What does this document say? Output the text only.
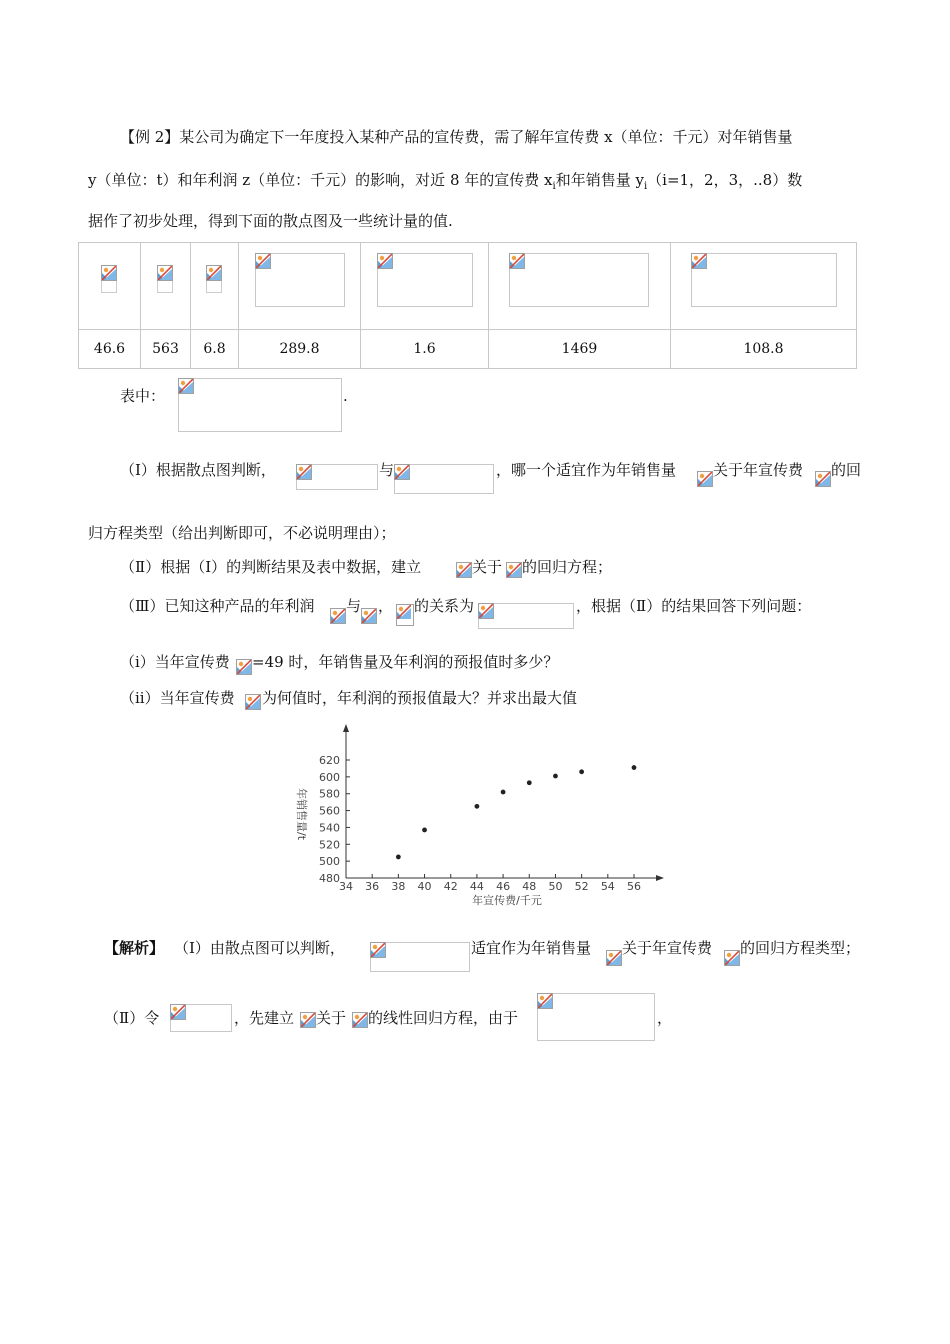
【例 2】某公司为确定下一年度投入某种产品的宣传费，需了解年宣传费 x（单位：千元）对年销售量
y（单位：t）和年利润 z（单位：千元）的影响，对近 8 年的宣传费 $x_i$和年销售量 $y_i(i=1$，2，3，..8）数
据作了初步处理，得到下面的散点图及一些统计量的值.

46.6	563	6.8	289.8	1.6	1469	108.8
表中：	.
（Ⅰ）根据散点图判断，	与	，哪一个适宜作为年销售量 关于年宣传费 的回
归方程类型（给出判断即可，不必说明理由）；
（Ⅱ）根据（Ⅰ）的判断结果及表中数据，建立	关于 的回归方程；
（Ⅲ）已知这种产品的年利润 与 ， 的关系为	，根据（Ⅱ）的结果回答下列问题：
（i）当年宣传费 =49 时，年销售量及年利润的预报值时多少？
（ii）当年宣传费 为何值时，年利润的预报值最大？并求出最大值
34 36 38 40 42 44 46 48 50 52 54 56
480
500
520
540
560
580
600
620
年宣传费/千元
年销售量/t
【解析】 （Ⅰ）由散点图可以判断，	适宜作为年销售量 关于年宣传费 的回归方程类型；
（Ⅱ）令	，先建立 关于 的线性回归方程，由于	，
